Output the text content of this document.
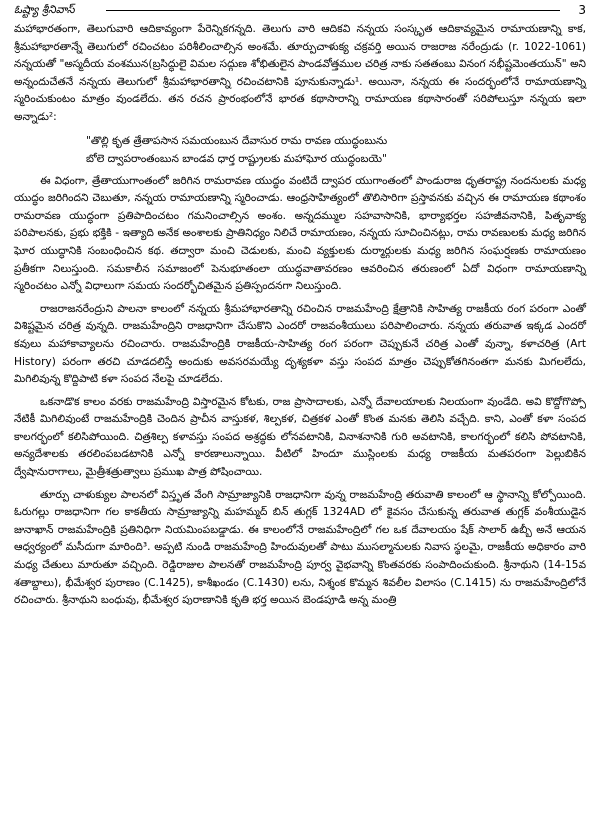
ఓష్ట్యా శ్రీనివాస్	3

మహాభారతంగా, తెలుగువారి ఆదికావ్యంగా పేరెన్నికగన్నది. తెలుగు వారి ఆదికవి నన్నయ సంస్కృత ఆదికావ్యమైన రామాయణాన్ని కాక, శ్రీమహాభారతాన్నే తెలుగులో రచించటం పరిశీలించాల్సిన అంశమే. తూర్పుచాళుక్య చక్రవర్తి అయిన రాజరాజ నరేంద్రుడు (r. 1022-1061) నన్నయతో "అస్మదీయ వంశమున(బ్రసిద్ధులై విమల సద్గుణ శోభితులైన పాండవోత్తముల చరిత్ర నాకు సతతంబు వినంగ నభీష్టమెంతయున్" అని అన్నందుచేతనే నన్నయ తెలుగులో శ్రీమహాభారతాన్ని రచించటానికి పూనుకున్నాడు¹. అయినా, నన్నయ ఈ సందర్భంలోనే రామాయణాన్ని స్మరించుకుంటం మాత్రం వుండలేదు. తన రచన ప్రారంభంలోనే భారత కథాసారాన్ని రామాయణ కథాసారంతో సరిపోలుస్తూ నన్నయ ఇలా అన్నాడు²:

"తొల్లి కృత త్రేతాపసాన సమయంబున దేవాసుర రామ రావణ యుద్ధంబును
బోలె ద్వాపరాంతంబున బాండవ ధార్త రాష్ట్రులకు మహాఘోర యుద్ధంబయె"

ఈ విధంగా, త్రేతాయుగాంతంలో జరిగిన రామరావణ యుద్ధం వంటిదే ద్వాపర యుగాంతంలో పాండురాజ ధృతరాష్ట్ర నందనులకు మధ్య యుద్ధం జరిగిందని చెబుతూ, నన్నయ రామాయణాన్ని స్మరించాడు. ఆంధ్రసాహిత్యంలో తొలిసారిగా ప్రస్తావనకు వచ్చిన ఈ రామాయణ కథాంశం రామరావణ యుద్ధంగా ప్రతిపాదించటం గమనించాల్సిన అంశం. అన్నదమ్ముల సహవాసానికి, భార్యాభర్తల సహజీవనానికి, పితృవాక్య పరిపాలనకు, ప్రభు భక్తికి - ఇత్యాది అనేక అంశాలకు ప్రాతినిధ్యం నిలిచే రామాయణం, నన్నయ సూచించినట్లు, రామ రావణులకు మధ్య జరిగిన ఘోర యుద్ధానికి సంబంధించిన కథ. తద్వారా మంచి చెడులకు, మంచి వ్యక్తులకు దుర్మార్గులకు మధ్య జరిగిన సంఘర్షణకు రామాయణం ప్రతీకగా నిలుస్తుంది. సమకాలీన సమాజంలో పెనుభూతంలా యుద్ధవాతావరణం ఆవరించిన తరుణంలో ఏదో విధంగా రామాయణాన్ని స్మరించటం ఎన్నో విధాలుగా సమయ సందర్భోచితమైన ప్రతిస్పందనగా నిలుస్తుంది.

రాజరాజనరేంద్రుని పాలనా కాలంలో నన్నయ శ్రీమహాభారతాన్ని రచించిన రాజమహేంద్రి క్షేత్రానికి సాహిత్య రాజకీయ రంగ పరంగా ఎంతో విశిష్టమైన చరిత్ర వున్నది. రాజమహేంద్రిని రాజధానిగా చేసుకొని ఎందరో రాజవంశీయులు పరిపాలించారు. నన్నయ తరువాత ఇక్కడ ఎందరో కవులు మహాకావ్యాలను రచించారు. రాజమహేంద్రికి రాజకీయ-సాహిత్య రంగ పరంగా చెప్పుకునే చరిత్ర ఎంతో వున్నా, కళాచరిత్ర (Art History) పరంగా తరచి చూడదలిస్తే అందుకు అవసరమయ్యే దృశ్యకళా వస్తు సంపద మాత్రం చెప్పుకోతగినంతగా మనకు మిగలలేదు, మిగిలివున్న కొద్దిపాటి కళా సంపద నేలపై చూడలేదు.

ఒకనాడొక కాలం వరకు రాజమహేంద్రి విస్తారమైన కోటకు, రాజ ప్రాసాదాలకు, ఎన్నో దేవాలయాలకు నిలయంగా వుండేది. అవి కొద్దోగొప్పో నేటికీ మిగిలివుంటే రాజమహేంద్రికి చెందిన ప్రాచీన వాస్తుకళ, శిల్పకళ, చిత్రకళ ఎంతో కొంత మనకు తెలిసి వచ్చేది. కాని, ఎంతో కళా సంపద కాలగర్భంలో కలిసిపోయింది. చిత్రశిల్ప కళావస్తు సంపద అశ్రద్ధకు లోనవటానికి, వినాశనానికి గురి అవటానికి, కాలగర్భంలో కలిసి పోవటానికి, అన్యదేశాలకు తరలింపబడటానికి ఎన్నో కారణాలున్నాయి. వీటిలో హిందూ ముస్లింలకు మధ్య రాజకీయ మతపరంగా పెల్లుబికిన ద్వేషానురాగాలు, మైత్రీశత్రుత్వాలు ప్రముఖ పాత్ర పోషించాయి.

తూర్పు చాళుక్యుల పాలనలో విస్తృత వేంగి సామ్రాజ్యానికి రాజధానిగా వున్న రాజమహేంద్రి తరువాతి కాలంలో ఆ స్థానాన్ని కోల్పోయింది. ఓరుగల్లు రాజధానిగా గల కాకతీయ సామ్రాజ్యాన్ని మహమ్మద్ బిన్ తుగ్లక్ 1324AD లో కైవసం చేసుకున్న తరువాత తుగ్లక్ వంశీయుడైన జునాఖాన్ రాజమహేంద్రికి ప్రతినిధిగా నియమింపబడ్డాడు. ఈ కాలంలోనే రాజమహేంద్రిలో గల ఒక దేవాలయం షేక్ సాలార్ ఉబ్బీ అనే ఆయన ఆధ్వర్యంలో మసీదుగా మారింది³. అప్పటి నుండి రాజమహేంద్రి హిందువులతో పాటు ముసల్మానులకు నివాస స్థలమై, రాజకీయ అధికారం వారి మధ్య చేతులు మారుతూ వచ్చింది. రెడ్డిరాజుల పాలనతో రాజమహేంద్రి పూర్వ వైభవాన్ని కొంతవరకు సంపాదించుకుంది. శ్రీనాథుని (14-15వ శతాబ్దాలు), భీమేశ్వర పురాణం (C.1425), కాశీఖండం (C.1430) లను, నిశ్శంక కొమ్మన శివలీల విలాసం (C.1415) ను రాజమహేంద్రిలోనే రచించారు. శ్రీనాథుని బంధువు, భీమేశ్వర పురాణానికి కృతి భర్త అయిన బెండపూడి అన్న మంత్రి
